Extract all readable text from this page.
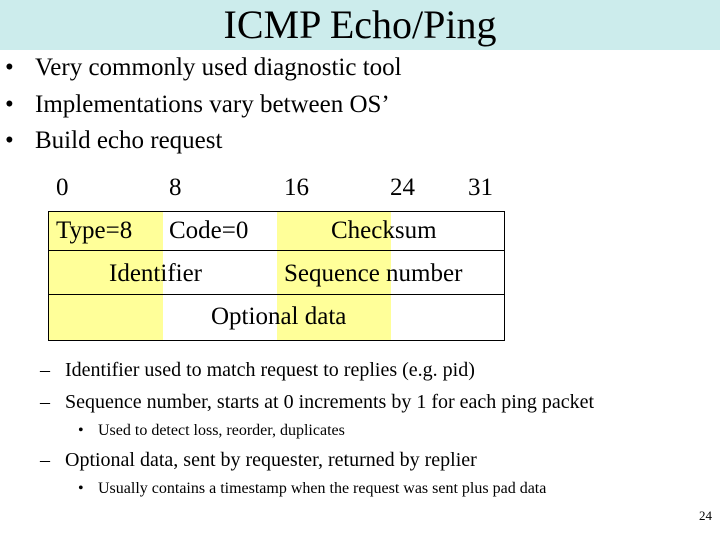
ICMP Echo/Ping
• Very commonly used diagnostic tool
• Implementations vary between OS’
• Build echo request
0	8	16	24 31
Type=8 Code=0	Checksum
Identifier	Sequence number
Optional data
– Identifier used to match request to replies (e.g. pid)
– Sequence number, starts at 0 increments by 1 for each ping packet
• Used to detect loss, reorder, duplicates
– Optional data, sent by requester, returned by replier
• Usually contains a timestamp when the request was sent plus pad data
24
